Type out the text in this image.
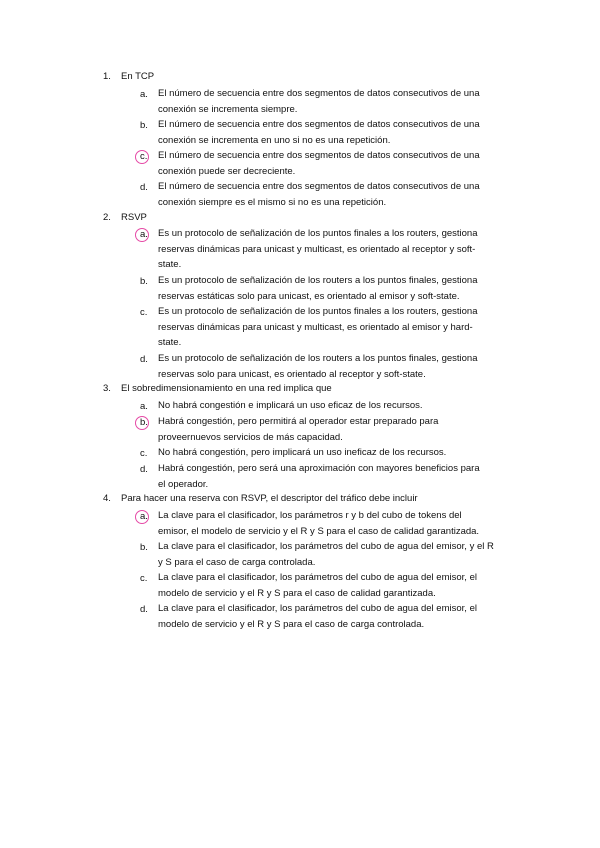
1. En TCP
a.	El número de secuencia entre dos segmentos de datos consecutivos de una
conexión se incrementa siempre.
b.	El número de secuencia entre dos segmentos de datos consecutivos de una
conexión se incrementa en uno si no es una repetición.
c.	El número de secuencia entre dos segmentos de datos consecutivos de una
conexión puede ser decreciente.
d.	El número de secuencia entre dos segmentos de datos consecutivos de una
conexión siempre es el mismo si no es una repetición.
2. RSVP
a.	Es un protocolo de señalización de los puntos finales a los routers, gestiona
reservas dinámicas para unicast y multicast, es orientado al receptor y soft-
state.
b.	Es un protocolo de señalización de los routers a los puntos finales, gestiona
reservas estáticas solo para unicast, es orientado al emisor y soft-state.
c.	Es un protocolo de señalización de los puntos finales a los routers, gestiona
reservas dinámicas para unicast y multicast, es orientado al emisor y hard-
state.
d.	Es un protocolo de señalización de los routers a los puntos finales, gestiona
reservas solo para unicast, es orientado al receptor y soft-state.
3. El sobredimensionamiento en una red implica que
a.	No habrá congestión e implicará un uso eficaz de los recursos.
b.	Habrá congestión, pero permitirá al operador estar preparado para
proveernuevos servicios de más capacidad.
c.	No habrá congestión, pero implicará un uso ineficaz de los recursos.
d.	Habrá congestión, pero será una aproximación con mayores beneficios para
el operador.
4. Para hacer una reserva con RSVP, el descriptor del tráfico debe incluir
a.	La clave para el clasificador, los parámetros r y b del cubo de tokens del
emisor, el modelo de servicio y el R y S para el caso de calidad garantizada.
b.	La clave para el clasificador, los parámetros del cubo de agua del emisor, y el R
y S para el caso de carga controlada.
c.	La clave para el clasificador, los parámetros del cubo de agua del emisor, el
modelo de servicio y el R y S para el caso de calidad garantizada.
d.	La clave para el clasificador, los parámetros del cubo de agua del emisor, el
modelo de servicio y el R y S para el caso de carga controlada.
